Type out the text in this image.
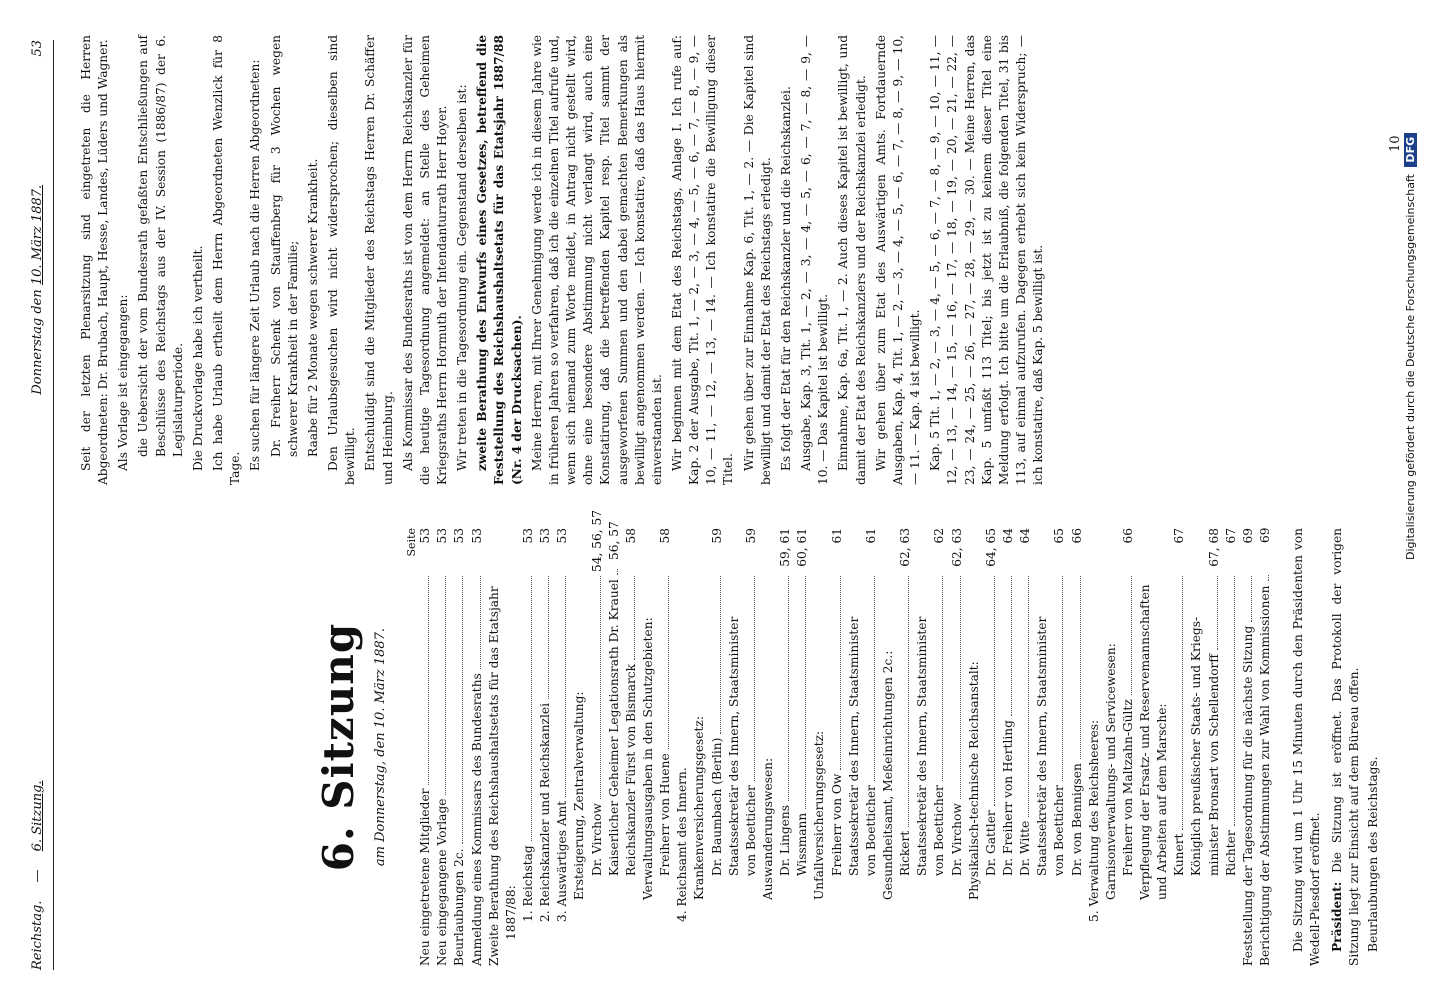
Reichstag. — 6. Sitzung.
Donnerstag den 10. März 1887.  53
6. Sitzung am Donnerstag, den 10. März 1887.
Seite
Neu eingetretene Mitglieder
53
Neu eingegangene Vorlage
53
Beurlaubungen 2c.
53
Anmeldung eines Kommissars des Bundesraths
53
Zweite Berathung des Reichshaushaltsetats für das Etatsjahr 1887/88: 1. Reichstag
53
2. Reichskanzler und Reichskanzlei
53
3. Auswärtiges Amt
53
Ersteigerung, Zentralverwaltung: Dr. Virchow
54, 56, 57
Kaiserlicher Geheimer Legationsrath Dr. Krauel
56, 57
Reichskanzler Fürst von Bismarck
58
Verwaltungsausgaben in den Schutzgebieten: Freiherr von Huene
58
4. Reichsamt des Innern. Krankenversicherungsgesetz: Dr. Baumbach (Berlin)
59
Staatssekretär des Innern, Staatsminister von Boetticher
59
Auswanderungswesen: Dr. Lingens
59, 61
Wissmann
60, 61
Unfallversicherungsgesetz: Freiherr von Ow
61
Staatssekretär des Innern, Staatsminister von Boetticher
61
Gesundheitsamt, Meßeinrichtungen 2c.: Rickert
62, 63
Staatssekretär des Innern, Staatsminister von Boetticher
62
Dr. Virchow
62, 63
Physikalisch-technische Reichsanstalt: Dr. Gattler
64, 65
Dr. Freiherr von Hertling
64
Dr. Witte
64
Staatssekretär des Innern, Staatsminister von Boetticher
65
Dr. von Bennigsen
66
5. Verwaltung des Reichsheeres: Garnisonverwaltungs- und Servicewesen: Freiherr von Maltzahn-Gültz
66
Verpflegung der Ersatz- und Reservemannschaften und Arbeiten auf dem Marsche: Kunert
67
Königlich preußischer Staats- und Kriegs- minister Bronsart von Schellendorff
67, 68
Richter
67
Feststellung der Tagesordnung für die nächste Sitzung
69
Berichtigung der Abstimmungen zur Wahl von Kommissionen
69 Die Sitzung wird um 1 Uhr 15 Minuten durch den Präsidenten von Wedell-Piesdorf eröffnet. Präsident: Die Sitzung ist eröffnet. Das Protokoll der vorigen Sitzung liegt zur Einsicht auf dem Büreau offen. Beurlaubungen des Reichstags.

Seit der letzten Plenarsitzung sind eingetreten die Herren Abgeordneten: Dr. Brubach, Haupt, Hesse, Landes, Lüders und Wagner. Als Vorlage ist eingegangen: die Uebersicht der vom Bundesrath gefaßten Entschließungen auf Beschlüsse des Reichstags aus der IV. Session (1886/87) der 6. Legislaturperiode. Die Druckvorlage habe ich vertheilt. Ich habe Urlaub ertheilt dem Herrn Abgeordneten Wenzlick für 8 Tage. Es suchen für längere Zeit Urlaub nach die Herren Abgeordneten: Dr. Freiherr Schenk von Stauffenberg für 3 Wochen wegen schwerer Krankheit in der Familie; Raabe für 2 Monate wegen schwerer Krankheit. Den Urlaubsgesuchen wird nicht widersprochen; dieselben sind bewilligt. Entschuldigt sind die Mitglieder des Reichstags Herren Dr. Schäffer und Heimburg. Als Kommissar des Bundesraths ist von dem Herrn Reichskanzler für die heutige Tagesordnung angemeldet: an Stelle des Geheimen Kriegsraths Herrn Hormuth der Intendanturrath Herr Hoyer. Wir treten in die Tagesordnung ein. Gegenstand derselben ist: zweite Berathung des Entwurfs eines Gesetzes, betreffend die Feststellung des Reichshaushaltsetats für das Etatsjahr 1887/88 (Nr. 4 der Drucksachen). Meine Herren, mit Ihrer Genehmigung werde ich in diesem Jahre wie in früheren Jahren so verfahren, daß ich die einzelnen Titel aufrufe und, wenn sich niemand zum Worte meldet, in Antrag nicht gestellt wird, ohne eine besondere Abstimmung nicht verlangt wird, auch eine Konstatirung, daß die betreffenden Kapitel resp. Titel sammt der ausgeworfenen Summen und den dabei gemachten Bemerkungen als bewilligt angenommen werden. — Ich konstatire, daß das Haus hiermit einverstanden ist. Wir beginnen mit dem Etat des Reichstags, Anlage I. Ich rufe auf: Kap. 2 der Ausgabe, Tit. 1, — 2, — 3, — 4, — 5, — 6, — 7, — 8, — 9, — 10, — 11, — 12, — 13, — 14. — Ich konstatire die Bewilligung dieser Titel. Wir gehen über zur Einnahme Kap. 6, Tit. 1, — 2. — Die Kapitel sind bewilligt und damit der Etat des Reichstags erledigt. Es folgt der Etat für den Reichskanzler und die Reichskanzlei. Ausgabe, Kap. 3, Tit. 1, — 2, — 3, — 4, — 5, — 6, — 7, — 8, — 9, — 10. — Das Kapitel ist bewilligt. Einnahme, Kap. 6a, Tit. 1, — 2. Auch dieses Kapitel ist bewilligt, und damit der Etat des Reichskanzlers und der Reichskanzlei erledigt. Wir gehen über zum Etat des Auswärtigen Amts. Fortdauernde Ausgaben, Kap. 4, Tit. 1, — 2, — 3, — 4, — 5, — 6, — 7, — 8, — 9, — 10, — 11. — Kap. 4 ist bewilligt. Kap. 5 Tit. 1, — 2, — 3, — 4, — 5, — 6, — 7, — 8, — 9, — 10, — 11, — 12, — 13, — 14, — 15, — 16, — 17, — 18, — 19, — 20, — 21, — 22, — 23, — 24, — 25, — 26, — 27, — 28, — 29, — 30. — Meine Herren, das Kap. 5 umfaßt 113 Titel; bis jetzt ist zu keinem dieser Titel eine Meldung erfolgt. Ich bitte um die Erlaubniß, die folgenden Titel, 31 bis 113, auf einmal aufzurufen. Dagegen erhebt sich kein Widerspruch; — ich konstatire, daß Kap. 5 bewilligt ist.

10
Digitalisierung gefördert durch die Deutsche Forschungsgemeinschaft DFG
